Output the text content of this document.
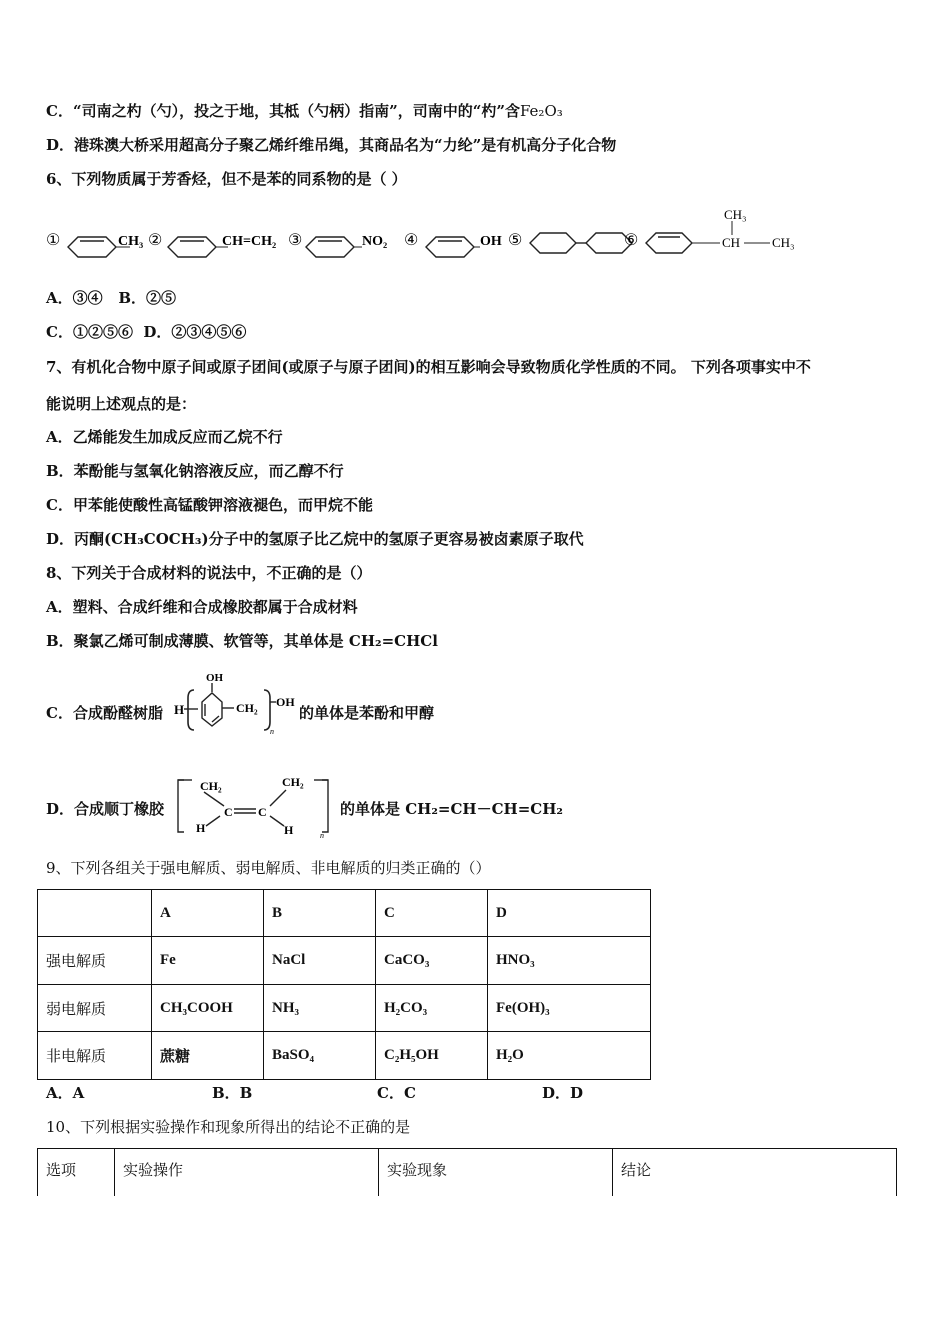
C．“司南之杓（勺），投之于地，其柢（勺柄）指南”，司南中的“杓”含Fe₂O₃
D．港珠澳大桥采用超高分子聚乙烯纤维吊绳，其商品名为“力纶”是有机高分子化合物
6、下列物质属于芳香烃，但不是苯的同系物的是（ ）
①	CH₃ ②	CH=CH₂ ③	NO₂ ④	OH ⑤	⑥	CH
CH₃
CH₃
A．③④ B．②⑤
C．①②⑤⑥ D．②③④⑤⑥
7、有机化合物中原子间或原子团间(或原子与原子团间)的相互影响会导致物质化学性质的不同。 下列各项事实中不
能说明上述观点的是：
A．乙烯能发生加成反应而乙烷不行
B．苯酚能与氢氧化钠溶液反应，而乙醇不行
C．甲苯能使酸性高锰酸钾溶液褪色，而甲烷不能
D．丙酮(CH₃COCH₃)分子中的氢原子比乙烷中的氢原子更容易被卤素原子取代
8、下列关于合成材料的说法中，不正确的是（）
A．塑料、合成纤维和合成橡胶都属于合成材料
B．聚氯乙烯可制成薄膜、软管等，其单体是 CH₂=CHCl
C．合成酚醛树脂
OH
H	CH₂
n
OH
的单体是苯酚和甲醇
D．合成顺丁橡胶
CH₂
C C
H
CH₂
H	n
的单体是 CH₂=CH－CH=CH₂
9、下列各组关于强电解质、弱电解质、非电解质的归类正确的（）
	A	B	C	D
强电解质	Fe	NaCl	CaCO₃	HNO₃
弱电解质	CH₃COOH	NH₃	H₂CO₃	Fe(OH)₃
非电解质	蔗糖	BaSO₄	C₂H₅OH	H₂O
A．A	B．B	C．C	D．D
10、下列根据实验操作和现象所得出的结论不正确的是
选项	实验操作	实验现象	结论
